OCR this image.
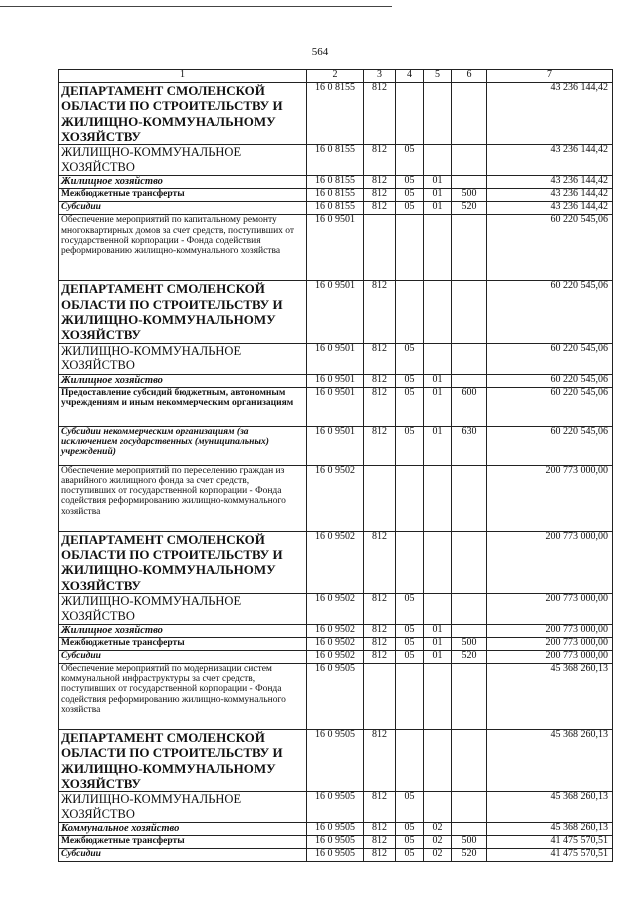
564
1	2	3	4	5	6	7
ДЕПАРТАМЕНТ СМОЛЕНСКОЙ ОБЛАСТИ ПО СТРОИТЕЛЬСТВУ И ЖИЛИЩНО-КОММУНАЛЬНОМУ ХОЗЯЙСТВУ	16 0 8155	812				43 236 144,42
ЖИЛИЩНО-КОММУНАЛЬНОЕ ХОЗЯЙСТВО	16 0 8155	812	05			43 236 144,42
Жилищное хозяйство	16 0 8155	812	05	01		43 236 144,42
Межбюджетные трансферты	16 0 8155	812	05	01	500	43 236 144,42
Субсидии	16 0 8155	812	05	01	520	43 236 144,42
Обеспечение мероприятий по капитальному ремонту многоквартирных домов за счет средств, поступивших от государственной корпорации - Фонда содействия реформированию жилищно-коммунального хозяйства	16 0 9501					60 220 545,06
ДЕПАРТАМЕНТ СМОЛЕНСКОЙ ОБЛАСТИ ПО СТРОИТЕЛЬСТВУ И ЖИЛИЩНО-КОММУНАЛЬНОМУ ХОЗЯЙСТВУ	16 0 9501	812				60 220 545,06
ЖИЛИЩНО-КОММУНАЛЬНОЕ ХОЗЯЙСТВО	16 0 9501	812	05			60 220 545,06
Жилищное хозяйство	16 0 9501	812	05	01		60 220 545,06
Предоставление субсидий бюджетным, автономным учреждениям и иным некоммерческим организациям	16 0 9501	812	05	01	600	60 220 545,06
Субсидии некоммерческим организациям (за исключением государственных (муниципальных) учреждений)	16 0 9501	812	05	01	630	60 220 545,06
Обеспечение мероприятий по переселению граждан из аварийного жилищного фонда за счет средств, поступивших от государственной корпорации - Фонда содействия реформированию жилищно-коммунального хозяйства	16 0 9502					200 773 000,00
ДЕПАРТАМЕНТ СМОЛЕНСКОЙ ОБЛАСТИ ПО СТРОИТЕЛЬСТВУ И ЖИЛИЩНО-КОММУНАЛЬНОМУ ХОЗЯЙСТВУ	16 0 9502	812				200 773 000,00
ЖИЛИЩНО-КОММУНАЛЬНОЕ ХОЗЯЙСТВО	16 0 9502	812	05			200 773 000,00
Жилищное хозяйство	16 0 9502	812	05	01		200 773 000,00
Межбюджетные трансферты	16 0 9502	812	05	01	500	200 773 000,00
Субсидии	16 0 9502	812	05	01	520	200 773 000,00
Обеспечение мероприятий по модернизации систем коммунальной инфраструктуры за счет средств, поступивших от государственной корпорации - Фонда содействия реформированию жилищно-коммунального хозяйства	16 0 9505					45 368 260,13
ДЕПАРТАМЕНТ СМОЛЕНСКОЙ ОБЛАСТИ ПО СТРОИТЕЛЬСТВУ И ЖИЛИЩНО-КОММУНАЛЬНОМУ ХОЗЯЙСТВУ	16 0 9505	812				45 368 260,13
ЖИЛИЩНО-КОММУНАЛЬНОЕ ХОЗЯЙСТВО	16 0 9505	812	05			45 368 260,13
Коммунальное хозяйство	16 0 9505	812	05	02		45 368 260,13
Межбюджетные трансферты	16 0 9505	812	05	02	500	41 475 570,51
Субсидии	16 0 9505	812	05	02	520	41 475 570,51
